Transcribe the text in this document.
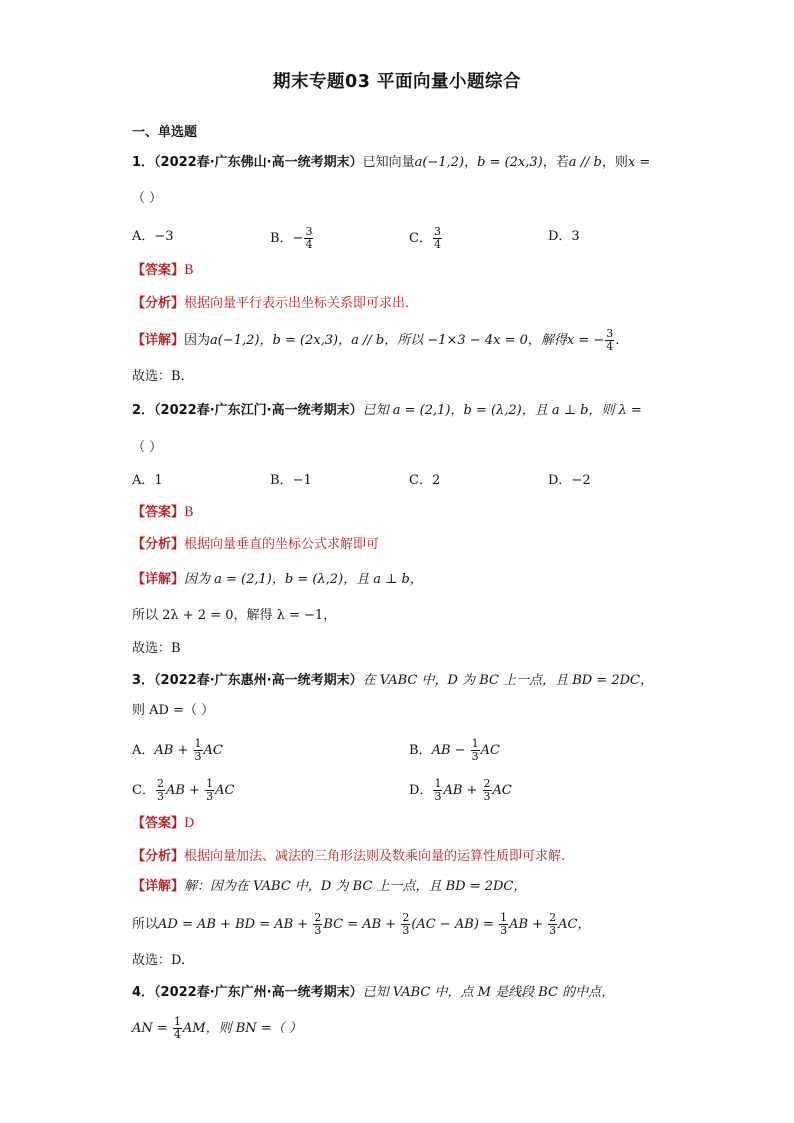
期末专题03 平面向量小题综合
一、单选题
1．（2022春·广东佛山·高一统考期末）已知向量a(−1,2)，b = (2x,3)，若a // b，则x =
（ ）
A．−3	B．− $\frac{3}{4}$	C． $\frac{3}{4}$	D．3
【答案】B
【分析】根据向量平行表示出坐标关系即可求出.
【详解】因为a(−1,2)，b = (2x,3)，a // b，所以 −1×3 − 4x = 0，解得x = − $\frac{3}{4}$ .
故选：B.
2．（2022春·广东江门·高一统考期末）已知 a = (2,1)，b = (λ,2)，且 a ⊥ b，则 λ =
（ ）
A．1	B．−1	C．2	D．−2
【答案】B
【分析】根据向量垂直的坐标公式求解即可
【详解】因为 a = (2,1)，b = (λ,2)，且 a ⊥ b，
所以 2λ + 2 = 0，解得 λ = −1，
故选：B
3．（2022春·广东惠州·高一统考期末）在 VABC 中，D 为 BC 上一点，且 BD = 2DC，
则 AD =（ ）
A．AB + $\frac{1}{3}$ AC	B．AB − $\frac{1}{3}$ AC
C． $\frac{2}{3}$ AB + $\frac{1}{3}$ AC	D． $\frac{1}{3}$ AB + $\frac{2}{3}$ AC
【答案】D
【分析】根据向量加法、减法的三角形法则及数乘向量的运算性质即可求解.
【详解】解：因为在 VABC 中，D 为 BC 上一点，且 BD = 2DC，
所以AD = AB + BD = AB + $\frac{2}{3}$ BC = AB + $\frac{2}{3} (AC - AB) = \frac{1}{3}$ AB + $\frac{2}{3}$ AC，
故选：D.
4．（2022春·广东广州·高一统考期末）已知 VABC 中，点 M 是线段 BC 的中点，
AN = $\frac{1}{4}$ AM，则 BN =（ ）
